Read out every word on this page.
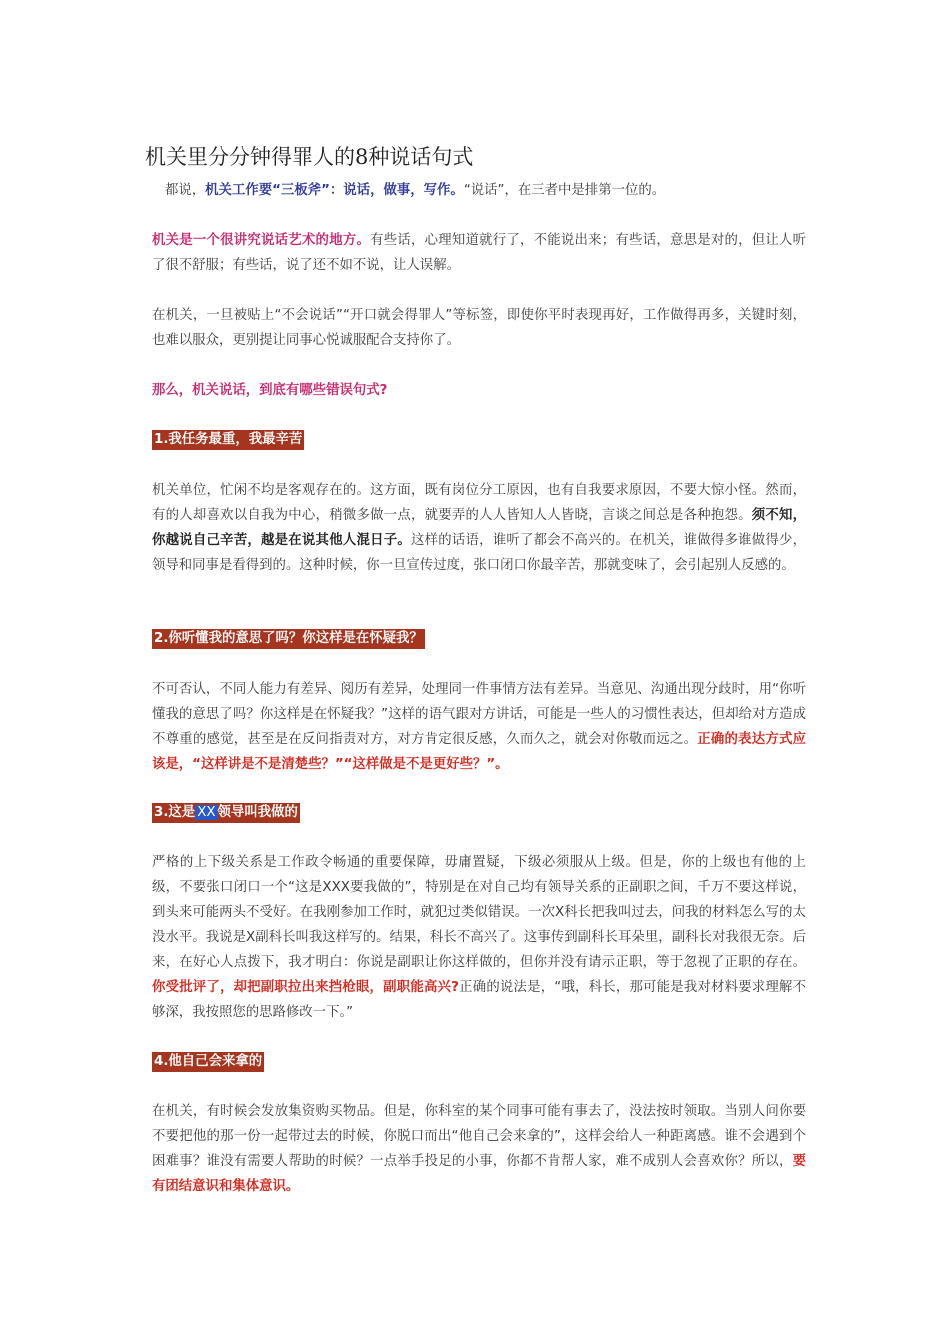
机关里分分钟得罪人的8种说话句式

都说，机关工作要“三板斧”：说话，做事，写作。“说话”，在三者中是排第一位的。

机关是一个很讲究说话艺术的地方。有些话，心理知道就行了，不能说出来；有些话，意思是对的，但让人听了很不舒服；有些话，说了还不如不说，让人误解。

在机关，一旦被贴上“不会说话”“开口就会得罪人”等标签，即使你平时表现再好，工作做得再多，关键时刻，也难以服众，更别提让同事心悦诚服配合支持你了。

那么，机关说话，到底有哪些错误句式?

1.我任务最重，我最辛苦

机关单位，忙闲不均是客观存在的。这方面，既有岗位分工原因，也有自我要求原因，不要大惊小怪。然而，有的人却喜欢以自我为中心，稍微多做一点，就要弄的人人皆知人人皆晓，言谈之间总是各种抱怨。须不知，你越说自己辛苦，越是在说其他人混日子。这样的话语，谁听了都会不高兴的。在机关，谁做得多谁做得少，领导和同事是看得到的。这种时候，你一旦宣传过度，张口闭口你最辛苦，那就变味了，会引起别人反感的。

2.你听懂我的意思了吗？你这样是在怀疑我？

不可否认，不同人能力有差异、阅历有差异，处理同一件事情方法有差异。当意见、沟通出现分歧时，用“你听懂我的意思了吗？你这样是在怀疑我？”这样的语气跟对方讲话，可能是一些人的习惯性表达，但却给对方造成不尊重的感觉，甚至是在反问指责对方，对方肯定很反感，久而久之，就会对你敬而远之。正确的表达方式应该是，“这样讲是不是清楚些？”“这样做是不是更好些？”。

3.这是 XX 领导叫我做的

严格的上下级关系是工作政令畅通的重要保障，毋庸置疑，下级必须服从上级。但是，你的上级也有他的上级，不要张口闭口一个“这是XXX要我做的”，特别是在对自己均有领导关系的正副职之间，千万不要这样说，到头来可能两头不受好。在我刚参加工作时，就犯过类似错误。一次X科长把我叫过去，问我的材料怎么写的太没水平。我说是X副科长叫我这样写的。结果，科长不高兴了。这事传到副科长耳朵里，副科长对我很无奈。后来，在好心人点拨下，我才明白：你说是副职让你这样做的，但你并没有请示正职，等于忽视了正职的存在。你受批评了，却把副职拉出来挡枪眼，副职能高兴?正确的说法是，“哦，科长，那可能是我对材料要求理解不够深，我按照您的思路修改一下。”

4.他自己会来拿的

在机关，有时候会发放集资购买物品。但是，你科室的某个同事可能有事去了，没法按时领取。当别人问你要不要把他的那一份一起带过去的时候，你脱口而出“他自己会来拿的”，这样会给人一种距离感。谁不会遇到个困难事？谁没有需要人帮助的时候？一点举手投足的小事，你都不肯帮人家，难不成别人会喜欢你？所以，要有团结意识和集体意识。
